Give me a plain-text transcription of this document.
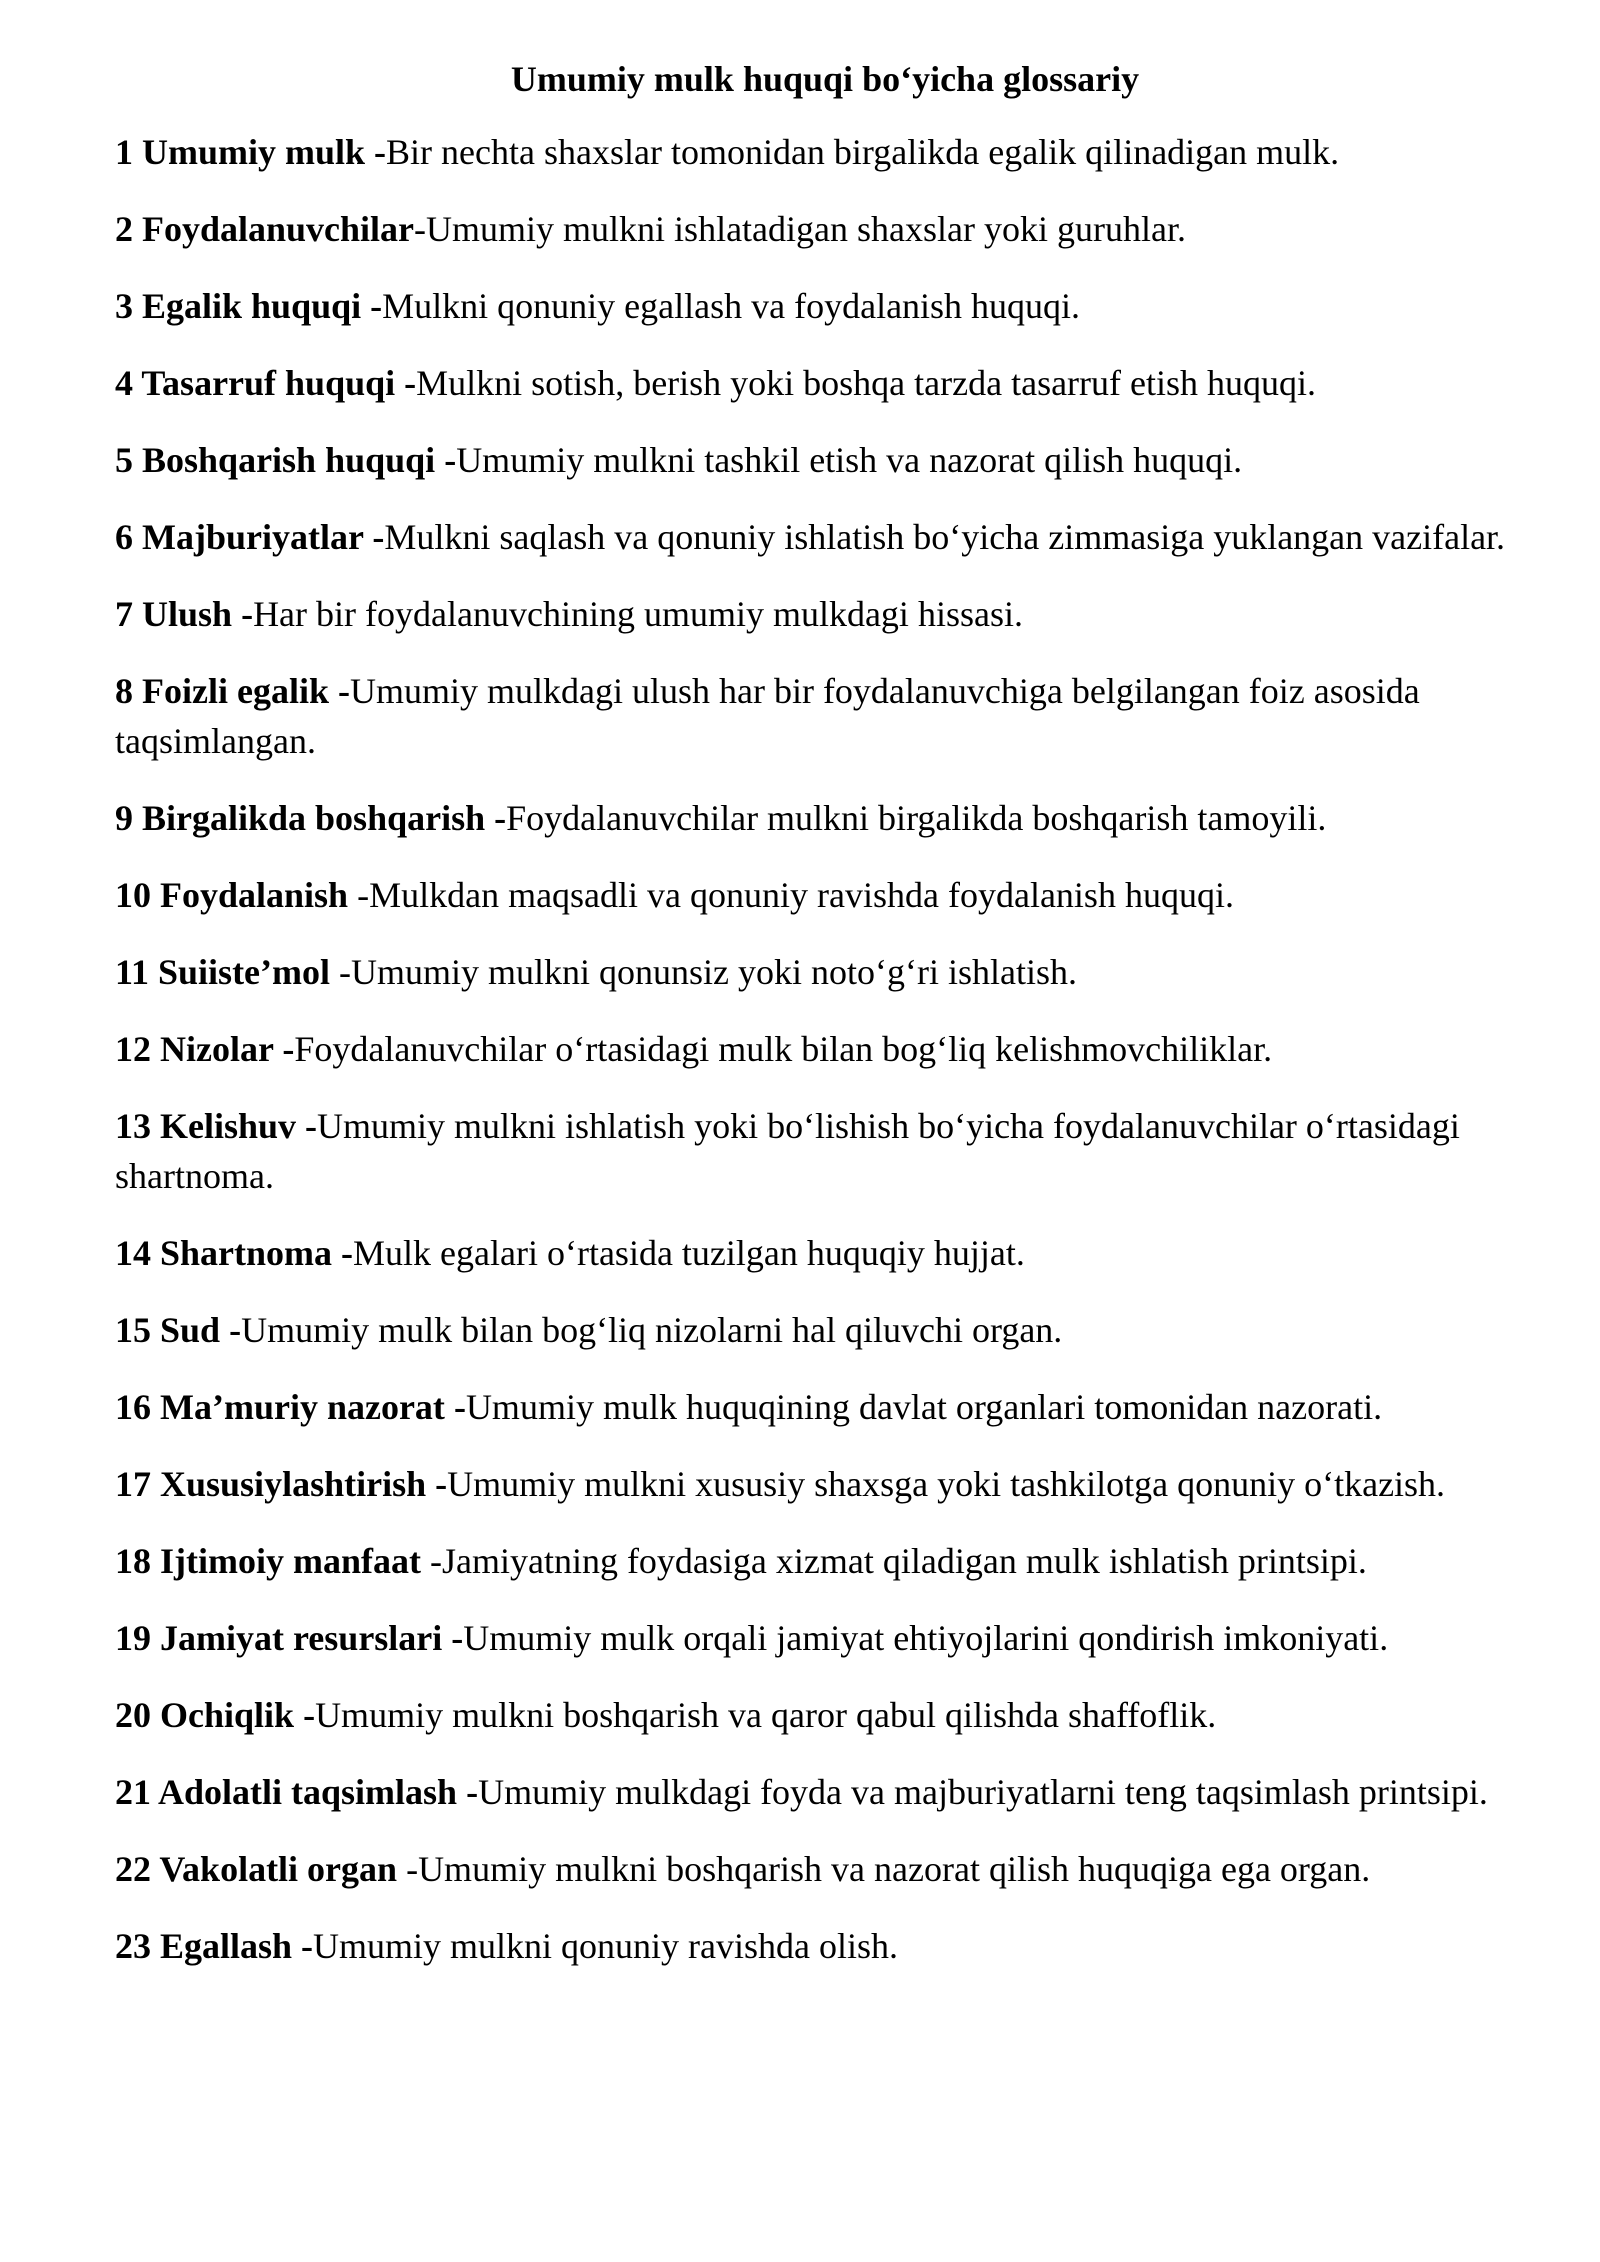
Umumiy mulk huquqi bo‘yicha glossariy

1 Umumiy mulk -Bir nechta shaxslar tomonidan birgalikda egalik qilinadigan mulk.

2 Foydalanuvchilar-Umumiy mulkni ishlatadigan shaxslar yoki guruhlar.

3 Egalik huquqi -Mulkni qonuniy egallash va foydalanish huquqi.

4 Tasarruf huquqi -Mulkni sotish, berish yoki boshqa tarzda tasarruf etish huquqi.

5 Boshqarish huquqi -Umumiy mulkni tashkil etish va nazorat qilish huquqi.

6 Majburiyatlar -Mulkni saqlash va qonuniy ishlatish bo‘yicha zimmasiga yuklangan vazifalar.

7 Ulush -Har bir foydalanuvchining umumiy mulkdagi hissasi.

8 Foizli egalik -Umumiy mulkdagi ulush har bir foydalanuvchiga belgilangan foiz asosida taqsimlangan.

9 Birgalikda boshqarish -Foydalanuvchilar mulkni birgalikda boshqarish tamoyili.

10 Foydalanish -Mulkdan maqsadli va qonuniy ravishda foydalanish huquqi.

11 Suiiste’mol -Umumiy mulkni qonunsiz yoki noto‘g‘ri ishlatish.

12 Nizolar -Foydalanuvchilar o‘rtasidagi mulk bilan bog‘liq kelishmovchiliklar.

13 Kelishuv -Umumiy mulkni ishlatish yoki bo‘lishish bo‘yicha foydalanuvchilar o‘rtasidagi shartnoma.

14 Shartnoma -Mulk egalari o‘rtasida tuzilgan huquqiy hujjat.

15 Sud -Umumiy mulk bilan bog‘liq nizolarni hal qiluvchi organ.

16 Ma’muriy nazorat -Umumiy mulk huquqining davlat organlari tomonidan nazorati.

17 Xususiylashtirish -Umumiy mulkni xususiy shaxsga yoki tashkilotga qonuniy o‘tkazish.

18 Ijtimoiy manfaat -Jamiyatning foydasiga xizmat qiladigan mulk ishlatish printsipi.

19 Jamiyat resurslari -Umumiy mulk orqali jamiyat ehtiyojlarini qondirish imkoniyati.

20 Ochiqlik -Umumiy mulkni boshqarish va qaror qabul qilishda shaffoflik.

21 Adolatli taqsimlash -Umumiy mulkdagi foyda va majburiyatlarni teng taqsimlash printsipi.

22 Vakolatli organ -Umumiy mulkni boshqarish va nazorat qilish huquqiga ega organ.

23 Egallash -Umumiy mulkni qonuniy ravishda olish.
